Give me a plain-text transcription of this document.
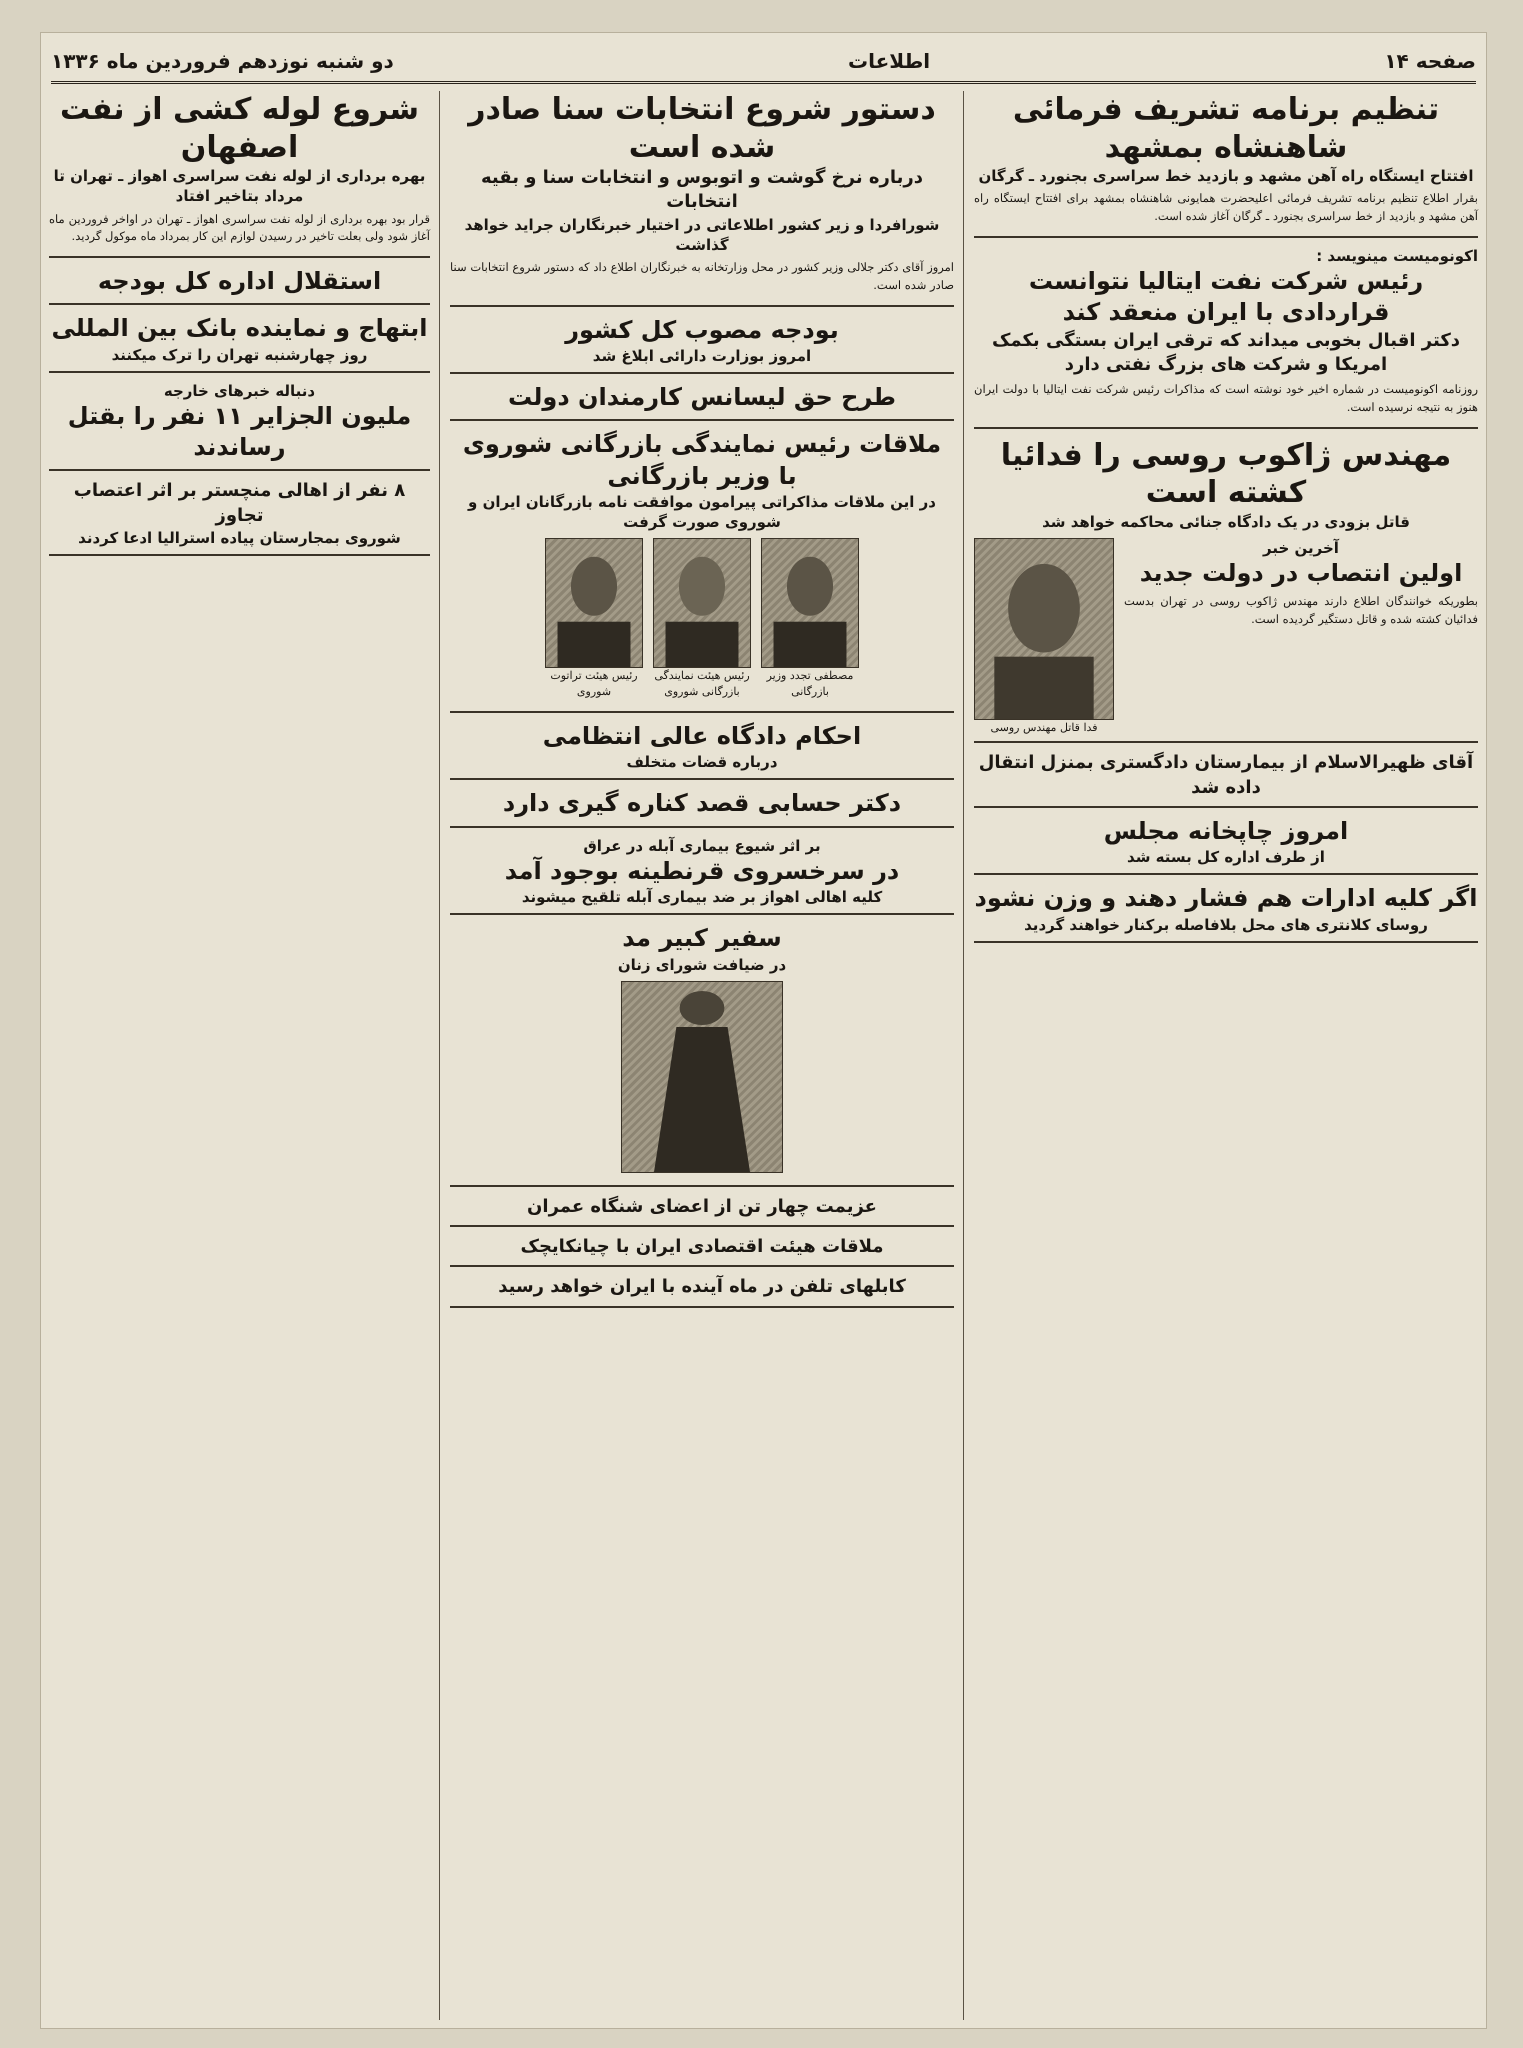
صفحه ۱۴
اطلاعات
دو شنبه نوزدهم فروردین ماه ۱۳۳۶
تنظیم برنامه تشریف فرمائی شاهنشاه بمشهد
افتتاح ایستگاه راه آهن مشهد و بازدید خط سراسری بجنورد ـ گرگان

بقرار اطلاع تنظیم برنامه تشریف فرمائی اعلیحضرت همایونی شاهنشاه بمشهد برای افتتاح ایستگاه راه آهن مشهد و بازدید از خط سراسری بجنورد ـ گرگان آغاز شده است.

اکونومیست مینویسد :
رئیس شرکت نفت ایتالیا نتوانست قراردادی با ایران منعقد کند
دکتر اقبال بخوبی میداند که ترقی ایران بستگی بکمک امریکا و شرکت های بزرگ نفتی دارد

روزنامه اکونومیست در شماره اخیر خود نوشته است که مذاکرات رئیس شرکت نفت ایتالیا با دولت ایران هنوز به نتیجه نرسیده است.

مهندس ژاکوب روسی را فدائیا کشته است
قاتل بزودی در یک دادگاه جنائی محاکمه خواهد شد
آخرین خبر
اولین انتصاب در دولت جدید

بطوریکه خوانندگان اطلاع دارند مهندس ژاکوب روسی در تهران بدست فدائیان کشته شده و قاتل دستگیر گردیده است.

فدا قاتل مهندس روسی
آقای ظهیرالاسلام از بیمارستان دادگستری بمنزل انتقال داده شد
امروز چاپخانه مجلس
از طرف اداره کل بسته شد
اگر کلیه ادارات هم فشار دهند و وزن نشود
روسای کلانتری های محل بلافاصله برکنار خواهند گردید
دستور شروع انتخابات سنا صادر شده است
درباره نرخ گوشت و اتوبوس و انتخابات سنا و بقیه انتخابات
شورافردا و زیر کشور اطلاعاتی در اختیار خبرنگاران جراید خواهد گذاشت

امروز آقای دکتر جلالی وزیر کشور در محل وزارتخانه به خبرنگاران اطلاع داد که دستور شروع انتخابات سنا صادر شده است.

بودجه مصوب کل کشور
امروز بوزارت دارائی ابلاغ شد
طرح حق لیسانس کارمندان دولت
ملاقات رئیس نمایندگی بازرگانی شوروی با وزیر بازرگانی
در این ملاقات مذاکراتی پیرامون موافقت نامه بازرگانان ایران و شوروی صورت گرفت
مصطفی تجدد وزیر بازرگانی
رئیس هیئت نمایندگی بازرگانی شوروی
رئیس هیئت تراتوت شوروی
احکام دادگاه عالی انتظامی
درباره قضات متخلف
دکتر حسابی قصد کناره گیری دارد
بر اثر شیوع بیماری آبله در عراق
در سرخسروی قرنطینه بوجود آمد
کلیه اهالی اهواز بر ضد بیماری آبله تلقیح میشوند
سفیر کبیر مد
در ضیافت شورای زنان
عزیمت چهار تن از اعضای شنگاه عمران
ملاقات هیئت اقتصادی ایران با چیانکایچک
کابلهای تلفن در ماه آینده با ایران خواهد رسید
شروع لوله کشی از نفت اصفهان
بهره برداری از لوله نفت سراسری اهواز ـ تهران تا مرداد بتاخیر افتاد

قرار بود بهره برداری از لوله نفت سراسری اهواز ـ تهران در اواخر فروردین ماه آغاز شود ولی بعلت تاخیر در رسیدن لوازم این کار بمرداد ماه موکول گردید.

استقلال اداره کل بودجه
ابتهاج و نماینده بانک بین المللی
روز چهارشنبه تهران را ترک میکنند
دنباله خبرهای خارجه
ملیون الجزایر ۱۱ نفر را بقتل رساندند
۸ نفر از اهالی منچستر بر اثر اعتصاب تجاوز
شوروی بمجارستان پیاده استرالیا ادعا کردند
